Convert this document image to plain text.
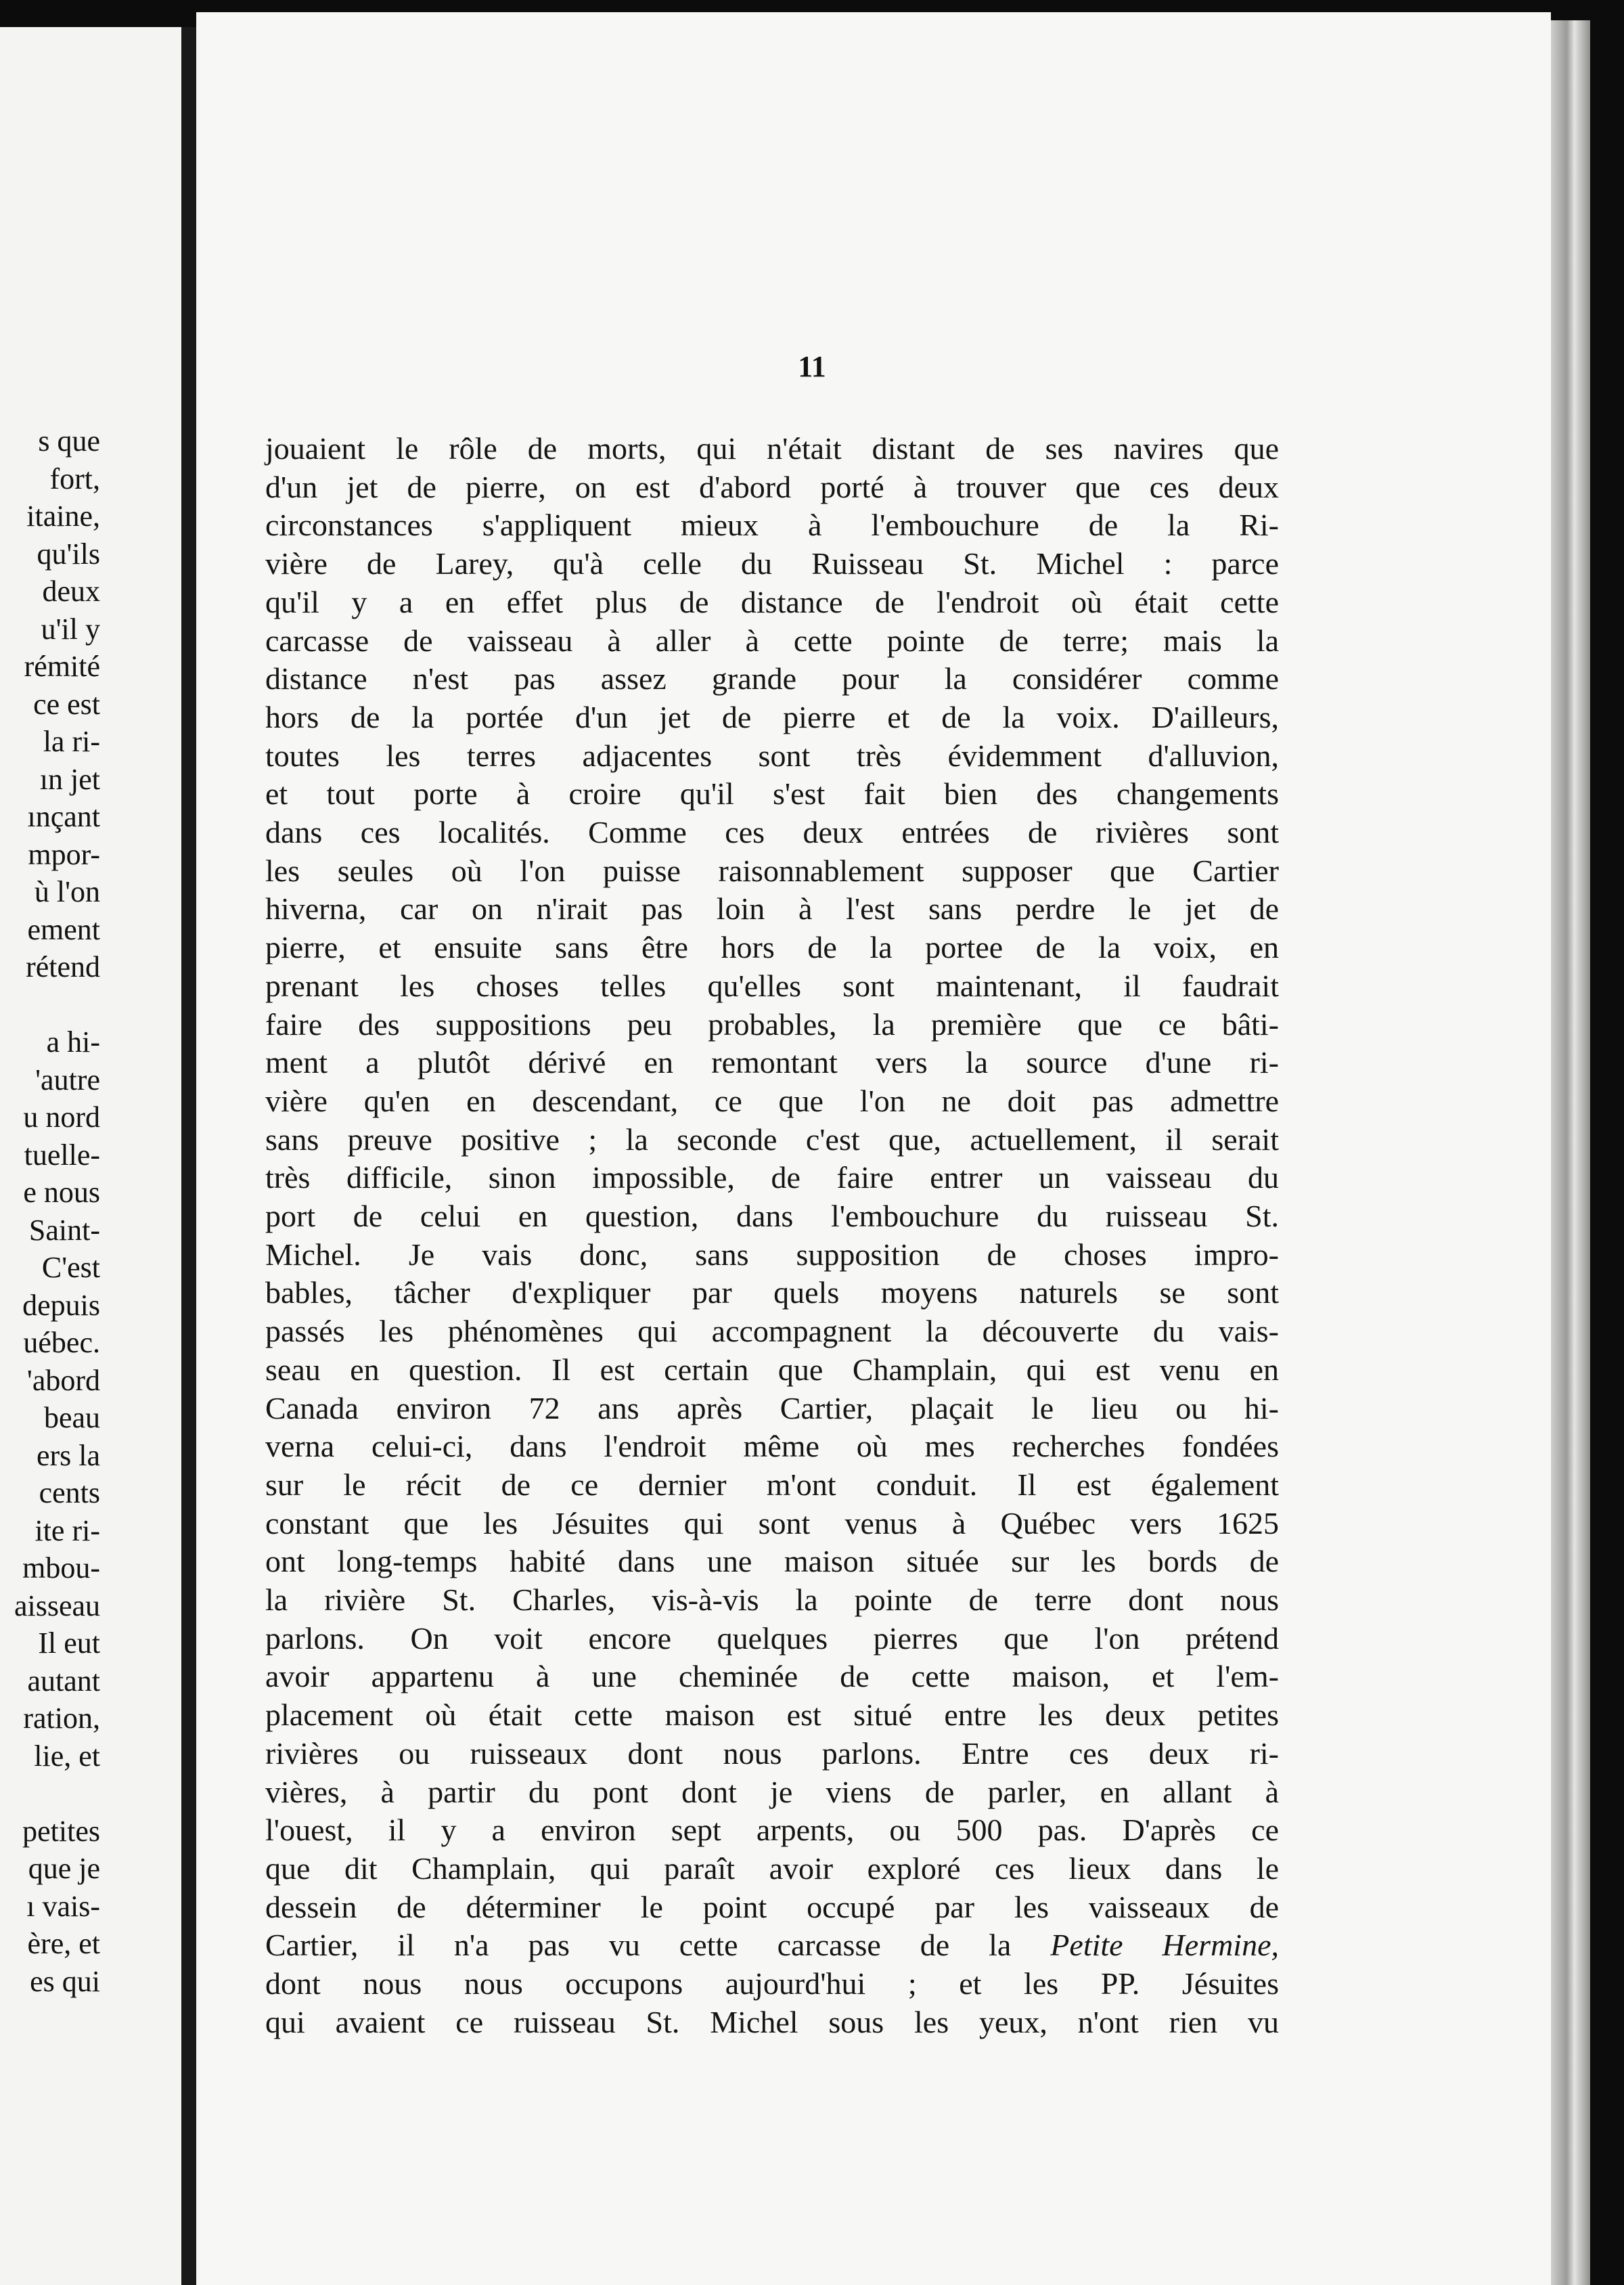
s que
fort,
itaine,
qu'ils
deux
u'il y
rémité
ce est
la ri-
ın jet
ınçant
mpor-
ù l'on
ement
rétend
a hi-
'autre
u nord
tuelle-
e nous
Saint-
C'est
depuis
uébec.
'abord
beau
ers la
cents
ite ri-
mbou-
aisseau
Il eut
autant
ration,
lie, et
petites
que je
ı vais-
ère, et
es qui
11
jouaient le rôle de morts, qui n'était distant de ses navires que
d'un jet de pierre, on est d'abord porté à trouver que ces deux
circonstances s'appliquent mieux à l'embouchure de la Ri-
vière de Larey, qu'à celle du Ruisseau St. Michel : parce
qu'il y a en effet plus de distance de l'endroit où était cette
carcasse de vaisseau à aller à cette pointe de terre; mais la
distance n'est pas assez grande pour la considérer comme
hors de la portée d'un jet de pierre et de la voix. D'ailleurs,
toutes les terres adjacentes sont très évidemment d'alluvion,
et tout porte à croire qu'il s'est fait bien des changements
dans ces localités. Comme ces deux entrées de rivières sont
les seules où l'on puisse raisonnablement supposer que Cartier
hiverna, car on n'irait pas loin à l'est sans perdre le jet de
pierre, et ensuite sans être hors de la portee de la voix, en
prenant les choses telles qu'elles sont maintenant, il faudrait
faire des suppositions peu probables, la première que ce bâti-
ment a plutôt dérivé en remontant vers la source d'une ri-
vière qu'en en descendant, ce que l'on ne doit pas admettre
sans preuve positive ; la seconde c'est que, actuellement, il serait
très difficile, sinon impossible, de faire entrer un vaisseau du
port de celui en question, dans l'embouchure du ruisseau St.
Michel. Je vais donc, sans supposition de choses impro-
bables, tâcher d'expliquer par quels moyens naturels se sont
passés les phénomènes qui accompagnent la découverte du vais-
seau en question. Il est certain que Champlain, qui est venu en
Canada environ 72 ans après Cartier, plaçait le lieu ou hi-
verna celui-ci, dans l'endroit même où mes recherches fondées
sur le récit de ce dernier m'ont conduit. Il est également
constant que les Jésuites qui sont venus à Québec vers 1625
ont long-temps habité dans une maison située sur les bords de
la rivière St. Charles, vis-à-vis la pointe de terre dont nous
parlons. On voit encore quelques pierres que l'on prétend
avoir appartenu à une cheminée de cette maison, et l'em-
placement où était cette maison est situé entre les deux petites
rivières ou ruisseaux dont nous parlons. Entre ces deux ri-
vières, à partir du pont dont je viens de parler, en allant à
l'ouest, il y a environ sept arpents, ou 500 pas. D'après ce
que dit Champlain, qui paraît avoir exploré ces lieux dans le
dessein de déterminer le point occupé par les vaisseaux de
Cartier, il n'a pas vu cette carcasse de la Petite Hermine,
dont nous nous occupons aujourd'hui ; et les PP. Jésuites
qui avaient ce ruisseau St. Michel sous les yeux, n'ont rien vu
